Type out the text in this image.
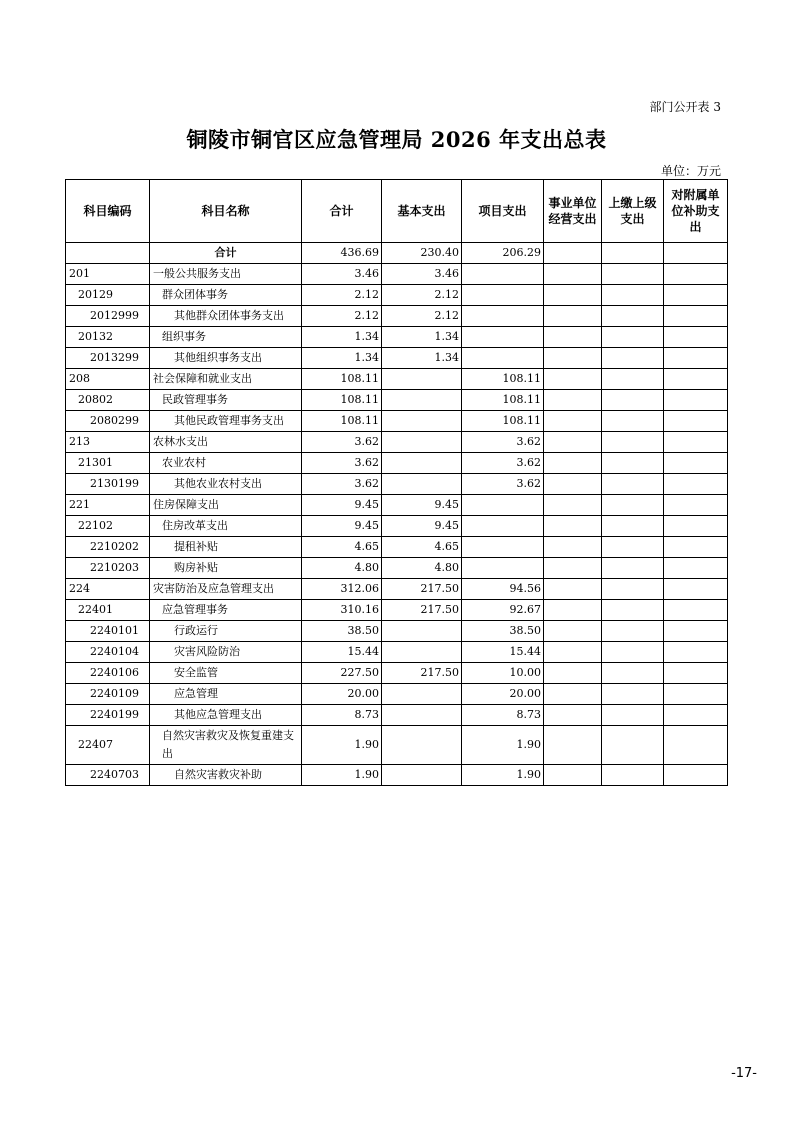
部门公开表 3
铜陵市铜官区应急管理局 2026 年支出总表
单位：万元
科目编码	科目名称	合计	基本支出	项目支出	事业单位经营支出	上缴上级支出	对附属单位补助支出
	合计	436.69	230.40	206.29			
201	一般公共服务支出	3.46	3.46				
20129	群众团体事务	2.12	2.12				
2012999	其他群众团体事务支出	2.12	2.12				
20132	组织事务	1.34	1.34				
2013299	其他组织事务支出	1.34	1.34				
208	社会保障和就业支出	108.11		108.11			
20802	民政管理事务	108.11		108.11			
2080299	其他民政管理事务支出	108.11		108.11			
213	农林水支出	3.62		3.62			
21301	农业农村	3.62		3.62			
2130199	其他农业农村支出	3.62		3.62			
221	住房保障支出	9.45	9.45				
22102	住房改革支出	9.45	9.45				
2210202	提租补贴	4.65	4.65				
2210203	购房补贴	4.80	4.80				
224	灾害防治及应急管理支出	312.06	217.50	94.56			
22401	应急管理事务	310.16	217.50	92.67			
2240101	行政运行	38.50		38.50			
2240104	灾害风险防治	15.44		15.44			
2240106	安全监管	227.50	217.50	10.00			
2240109	应急管理	20.00		20.00			
2240199	其他应急管理支出	8.73		8.73			
22407	自然灾害救灾及恢复重建支出	1.90		1.90			
2240703	自然灾害救灾补助	1.90		1.90			
-17-
